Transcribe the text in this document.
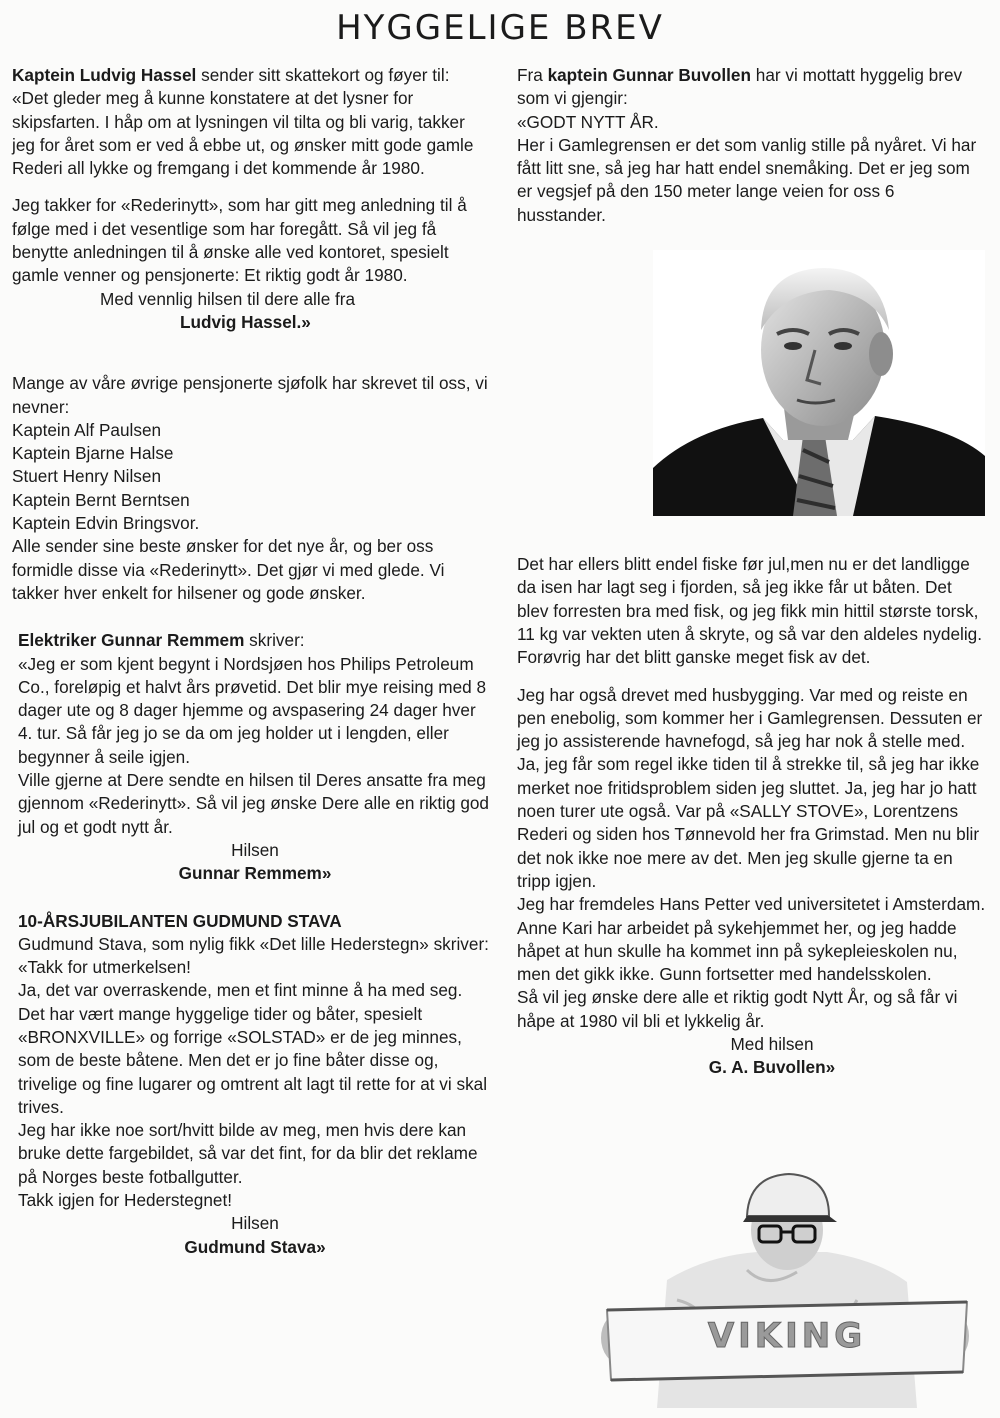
HYGGELIGE BREV

Kaptein Ludvig Hassel sender sitt skattekort og føyer til:

«Det gleder meg å kunne konstatere at det lysner for skipsfarten. I håp om at lysningen vil tilta og bli varig, takker jeg for året som er ved å ebbe ut, og ønsker mitt gode gamle Rederi all lykke og fremgang i det kommende år 1980.

Jeg takker for «Rederinytt», som har gitt meg anledning til å følge med i det vesentlige som har foregått. Så vil jeg få benytte anledningen til å ønske alle ved kontoret, spesielt gamle venner og pensjonerte: Et riktig godt år 1980.

Med vennlig hilsen til dere alle fra

Ludvig Hassel.»

Mange av våre øvrige pensjonerte sjøfolk har skrevet til oss, vi nevner:

Kaptein Alf Paulsen

Kaptein Bjarne Halse

Stuert Henry Nilsen

Kaptein Bernt Berntsen

Kaptein Edvin Bringsvor.

Alle sender sine beste ønsker for det nye år, og ber oss formidle disse via «Rederinytt». Det gjør vi med glede. Vi takker hver enkelt for hilsener og gode ønsker.

Elektriker Gunnar Remmem skriver:

«Jeg er som kjent begynt i Nordsjøen hos Philips Petroleum Co., foreløpig et halvt års prøvetid. Det blir mye reising med 8 dager ute og 8 dager hjemme og avspasering 24 dager hver 4. tur. Så får jeg jo se da om jeg holder ut i lengden, eller begynner å seile igjen.

Ville gjerne at Dere sendte en hilsen til Deres ansatte fra meg gjennom «Rederinytt». Så vil jeg ønske Dere alle en riktig god jul og et godt nytt år.

Hilsen

Gunnar Remmem»

10-ÅRSJUBILANTEN GUDMUND STAVA

Gudmund Stava, som nylig fikk «Det lille Hederstegn» skriver:

«Takk for utmerkelsen!

Ja, det var overraskende, men et fint minne å ha med seg.

Det har vært mange hyggelige tider og båter, spesielt «BRONXVILLE» og forrige «SOLSTAD» er de jeg minnes, som de beste båtene. Men det er jo fine båter disse og, trivelige og fine lugarer og omtrent alt lagt til rette for at vi skal trives.

Jeg har ikke noe sort/hvitt bilde av meg, men hvis dere kan bruke dette fargebildet, så var det fint, for da blir det reklame på Norges beste fotballgutter.

Takk igjen for Hederstegnet!

Hilsen

Gudmund Stava»

Fra kaptein Gunnar Buvollen har vi mottatt hyggelig brev som vi gjengir:

«GODT NYTT ÅR.

Her i Gamlegrensen er det som vanlig stille på nyåret. Vi har fått litt sne, så jeg har hatt endel snemåking. Det er jeg som er vegsjef på den 150 meter lange veien for oss 6 husstander.

Det har ellers blitt endel fiske før jul,men nu er det landligge da isen har lagt seg i fjorden, så jeg ikke får ut båten. Det blev forresten bra med fisk, og jeg fikk min hittil største torsk, 11 kg var vekten uten å skryte, og så var den aldeles nydelig. Forøvrig har det blitt ganske meget fisk av det.

Jeg har også drevet med husbygging. Var med og reiste en pen enebolig, som kommer her i Gamlegrensen. Dessuten er jeg jo assisterende havnefogd, så jeg har nok å stelle med. Ja, jeg får som regel ikke tiden til å strekke til, så jeg har ikke merket noe fritidsproblem siden jeg sluttet. Ja, jeg har jo hatt noen turer ute også. Var på «SALLY STOVE», Lorentzens Rederi og siden hos Tønnevold her fra Grimstad. Men nu blir det nok ikke noe mere av det. Men jeg skulle gjerne ta en tripp igjen.

Jeg har fremdeles Hans Petter ved universitetet i Amsterdam. Anne Kari har arbeidet på sykehjemmet her, og jeg hadde håpet at hun skulle ha kommet inn på sykepleieskolen nu, men det gikk ikke. Gunn fortsetter med handelsskolen.

Så vil jeg ønske dere alle et riktig godt Nytt År, og så får vi håpe at 1980 vil bli et lykkelig år.

Med hilsen

G. A. Buvollen»

VIKING
